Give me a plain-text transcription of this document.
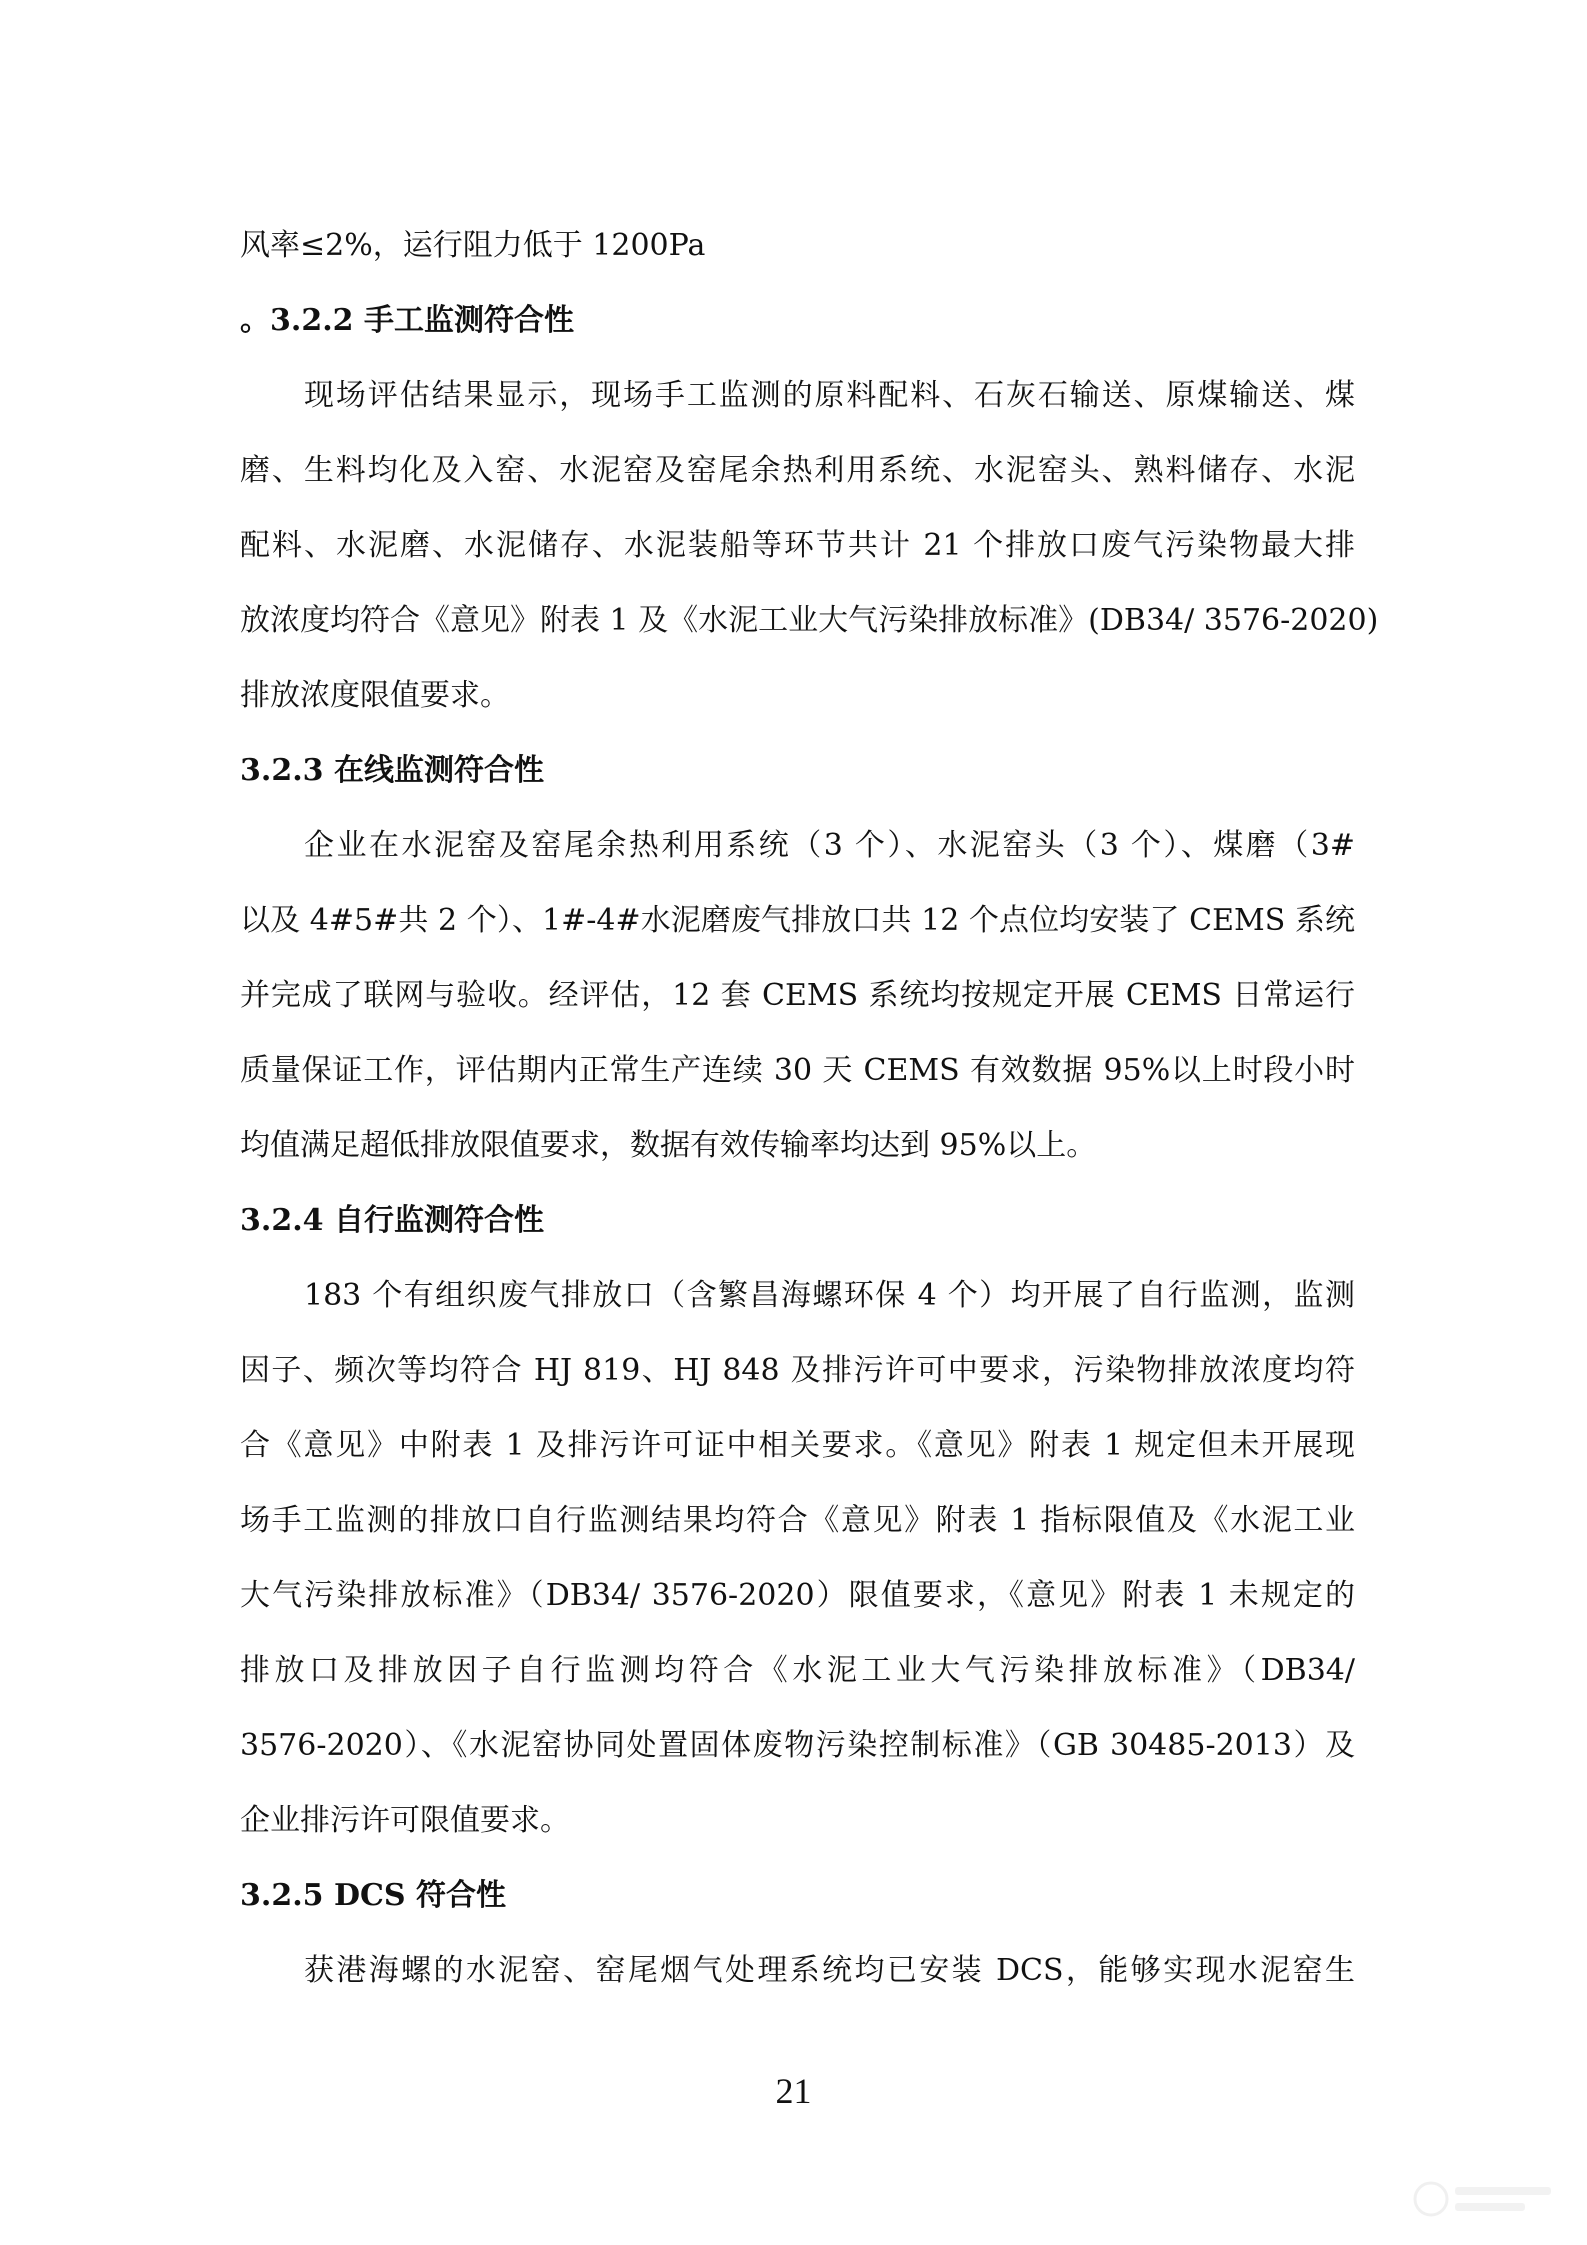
风率≤2%，运行阻力低于 1200Pa

。3.2.2 手工监测符合性

现场评估结果显示，现场手工监测的原料配料、石灰石输送、原煤输送、煤

磨、生料均化及入窑、水泥窑及窑尾余热利用系统、水泥窑头、熟料储存、水泥

配料、水泥磨、水泥储存、水泥装船等环节共计 21 个排放口废气污染物最大排

放浓度均符合《意见》附表 1 及《水泥工业大气污染排放标准》(DB34/ 3576-2020)

排放浓度限值要求。

3.2.3 在线监测符合性

企业在水泥窑及窑尾余热利用系统（3 个）、水泥窑头（3 个）、煤磨（3#

以及 4#5#共 2 个）、1#-4#水泥磨废气排放口共 12 个点位均安装了 CEMS 系统

并完成了联网与验收。经评估，12 套 CEMS 系统均按规定开展 CEMS 日常运行

质量保证工作，评估期内正常生产连续 30 天 CEMS 有效数据 95%以上时段小时

均值满足超低排放限值要求，数据有效传输率均达到 95%以上。

3.2.4 自行监测符合性

183 个有组织废气排放口（含繁昌海螺环保 4 个）均开展了自行监测，监测

因子、频次等均符合 HJ 819、HJ 848 及排污许可中要求，污染物排放浓度均符

合《意见》中附表 1 及排污许可证中相关要求。《意见》附表 1 规定但未开展现

场手工监测的排放口自行监测结果均符合《意见》附表 1 指标限值及《水泥工业

大气污染排放标准》（DB34/ 3576-2020）限值要求，《意见》附表 1 未规定的

排放口及排放因子自行监测均符合《水泥工业大气污染排放标准》（DB34/

3576-2020）、《水泥窑协同处置固体废物污染控制标准》（GB 30485-2013）及

企业排污许可限值要求。

3.2.5 DCS 符合性

获港海螺的水泥窑、窑尾烟气处理系统均已安装 DCS，能够实现水泥窑生

21
